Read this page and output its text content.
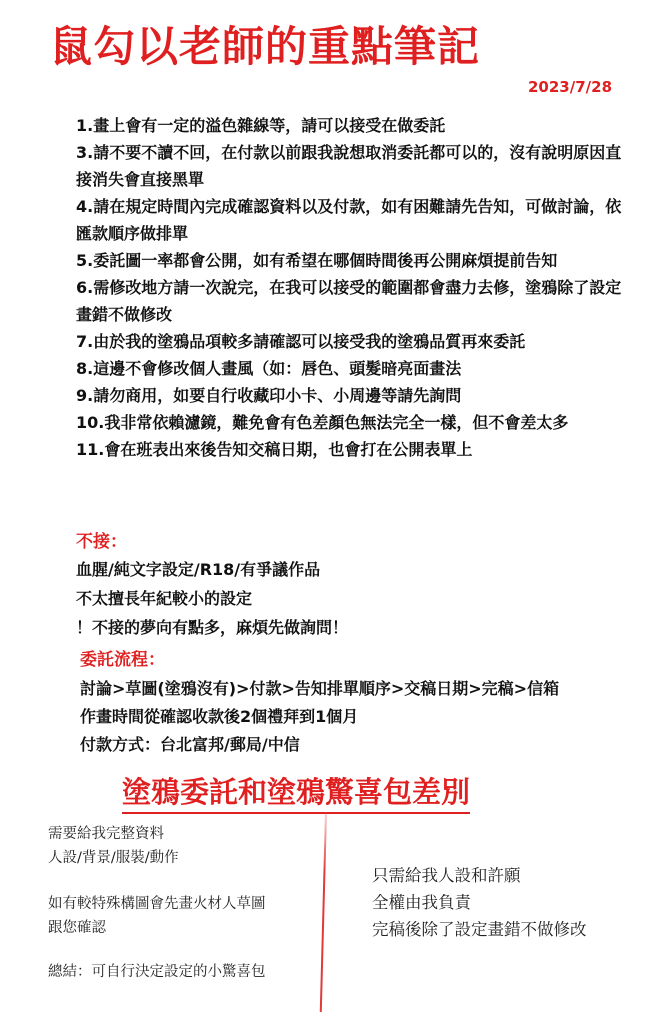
鼠勾以老師的重點筆記
2023/7/28
1.畫上會有一定的溢色雜線等，請可以接受在做委託
3.請不要不讀不回，在付款以前跟我說想取消委託都可以的，沒有說明原因直接消失會直接黑單
4.請在規定時間內完成確認資料以及付款，如有困難請先告知，可做討論，依匯款順序做排單
5.委託圖一率都會公開，如有希望在哪個時間後再公開麻煩提前告知
6.需修改地方請一次說完，在我可以接受的範圍都會盡力去修，塗鴉除了設定畫錯不做修改
7.由於我的塗鴉品項較多請確認可以接受我的塗鴉品質再來委託
8.這邊不會修改個人畫風（如：唇色、頭髮暗亮面畫法
9.請勿商用，如要自行收藏印小卡、小周邊等請先詢問
10.我非常依賴濾鏡，難免會有色差顏色無法完全一樣，但不會差太多
11.會在班表出來後告知交稿日期，也會打在公開表單上
不接：
血腥/純文字設定/R18/有爭議作品
不太擅長年紀較小的設定
！不接的夢向有點多，麻煩先做詢問！
委託流程：
討論>草圖(塗鴉沒有)>付款>告知排單順序>交稿日期>完稿>信箱
作畫時間從確認收款後2個禮拜到1個月
付款方式：台北富邦/郵局/中信
塗鴉委託和塗鴉驚喜包差別

需要給我完整資料

人設/背景/服裝/動作

如有較特殊構圖會先畫火材人草圖

跟您確認

總結：可自行決定設定的小驚喜包

只需給我人設和許願

全權由我負責

完稿後除了設定畫錯不做修改
